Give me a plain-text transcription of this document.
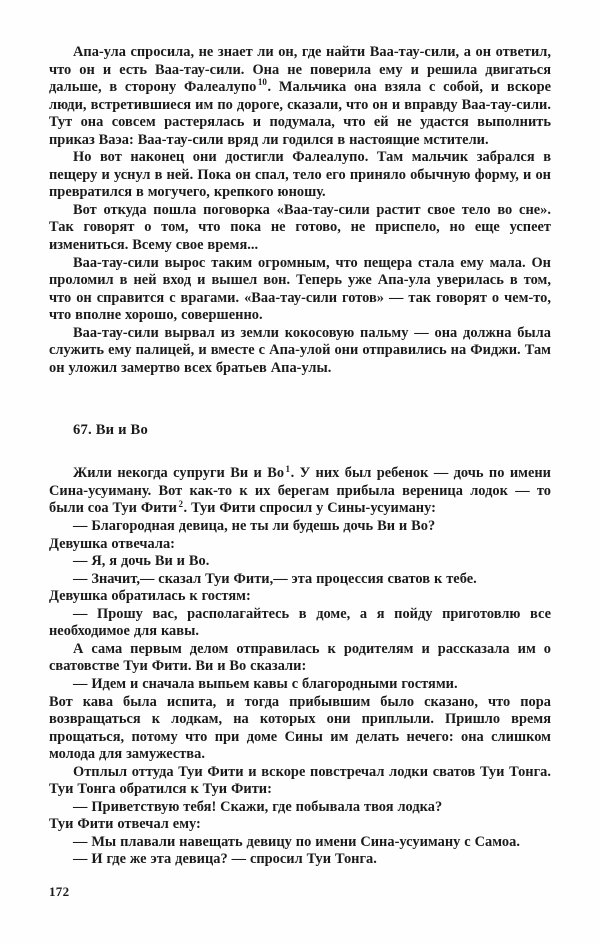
Апа-ула спросила, не знает ли он, где найти Ваа-тау-сили, а он ответил, что он и есть Ваа-тау-сили. Она не поверила ему и решила двигаться дальше, в сторону Фалеалупо $^{10}$. Мальчика она взяла с собой, и вскоре люди, встретившиеся им по дороге, сказали, что он и вправду Ваа-тау-сили. Тут она совсем растерялась и подумала, что ей не удастся выполнить приказ Ваэа: Ваа-тау-сили вряд ли годился в настоящие мстители.

Но вот наконец они достигли Фалеалупо. Там мальчик забрался в пещеру и уснул в ней. Пока он спал, тело его приняло обычную форму, и он превратился в могучего, крепкого юношу.

Вот откуда пошла поговорка «Ваа-тау-сили растит свое тело во сне». Так говорят о том, что пока не готово, не приспело, но еще успеет измениться. Всему свое время...

Ваа-тау-сили вырос таким огромным, что пещера стала ему мала. Он проломил в ней вход и вышел вон. Теперь уже Апа-ула уверилась в том, что он справится с врагами. «Ваа-тау-сили готов» — так говорят о чем-то, что вполне хорошо, совершенно.

Ваа-тау-сили вырвал из земли кокосовую пальму — она должна была служить ему палицей, и вместе с Апа-улой они отправились на Фиджи. Там он уложил замертво всех братьев Апа-улы.

67. Ви и Во

Жили некогда супруги Ви и Во $^1$. У них был ребенок — дочь по имени Сина-усуиману. Вот как-то к их берегам прибыла вереница лодок — то были соа Туи Фити $^2$. Туи Фити спросил у Сины-усуиману:

— Благородная девица, не ты ли будешь дочь Ви и Во?

Девушка отвечала:

— Я, я дочь Ви и Во.

— Значит,— сказал Туи Фити,— эта процессия сватов к тебе.

Девушка обратилась к гостям:

— Прошу вас, располагайтесь в доме, а я пойду приготовлю все необходимое для кавы.

А сама первым делом отправилась к родителям и рассказала им о сватовстве Туи Фити. Ви и Во сказали:

— Идем и сначала выпьем кавы с благородными гостями.

Вот кава была испита, и тогда прибывшим было сказано, что пора возвращаться к лодкам, на которых они приплыли. Пришло время прощаться, потому что при доме Сины им делать нечего: она слишком молода для замужества.

Отплыл оттуда Туи Фити и вскоре повстречал лодки сватов Туи Тонга. Туи Тонга обратился к Туи Фити:

— Приветствую тебя! Скажи, где побывала твоя лодка?

Туи Фити отвечал ему:

— Мы плавали навещать девицу по имени Сина-усуиману с Самоа.

— И где же эта девица? — спросил Туи Тонга.

172
